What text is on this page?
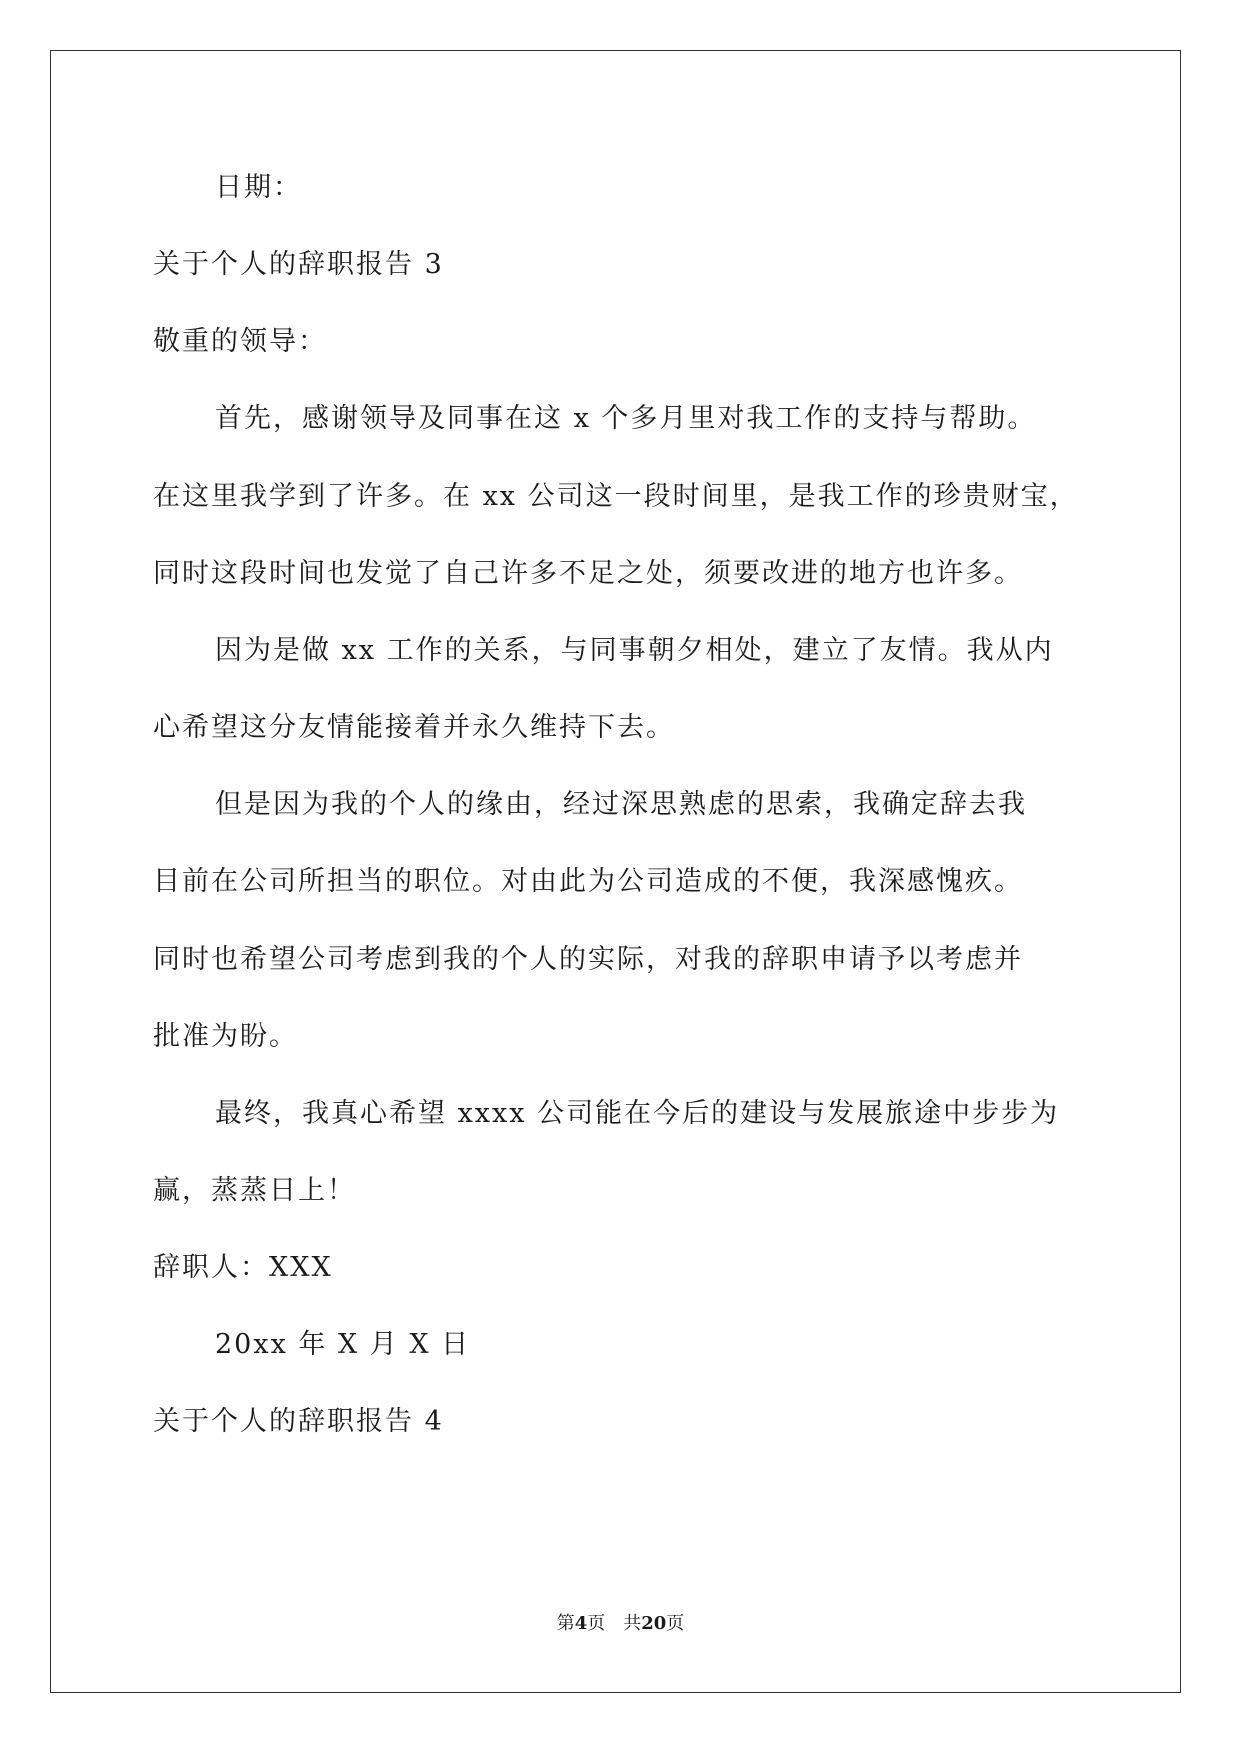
日期：
关于个人的辞职报告 3
敬重的领导：
首先，感谢领导及同事在这 x 个多月里对我工作的支持与帮助。
在这里我学到了许多。在 xx 公司这一段时间里，是我工作的珍贵财宝，
同时这段时间也发觉了自己许多不足之处，须要改进的地方也许多。
因为是做 xx 工作的关系，与同事朝夕相处，建立了友情。我从内
心希望这分友情能接着并永久维持下去。
但是因为我的个人的缘由，经过深思熟虑的思索，我确定辞去我
目前在公司所担当的职位。对由此为公司造成的不便，我深感愧疚。
同时也希望公司考虑到我的个人的实际，对我的辞职申请予以考虑并
批准为盼。
最终，我真心希望 xxxx 公司能在今后的建设与发展旅途中步步为
赢，蒸蒸日上！
辞职人：XXX
20xx 年 X 月 X 日
关于个人的辞职报告 4
第4页　共20页
